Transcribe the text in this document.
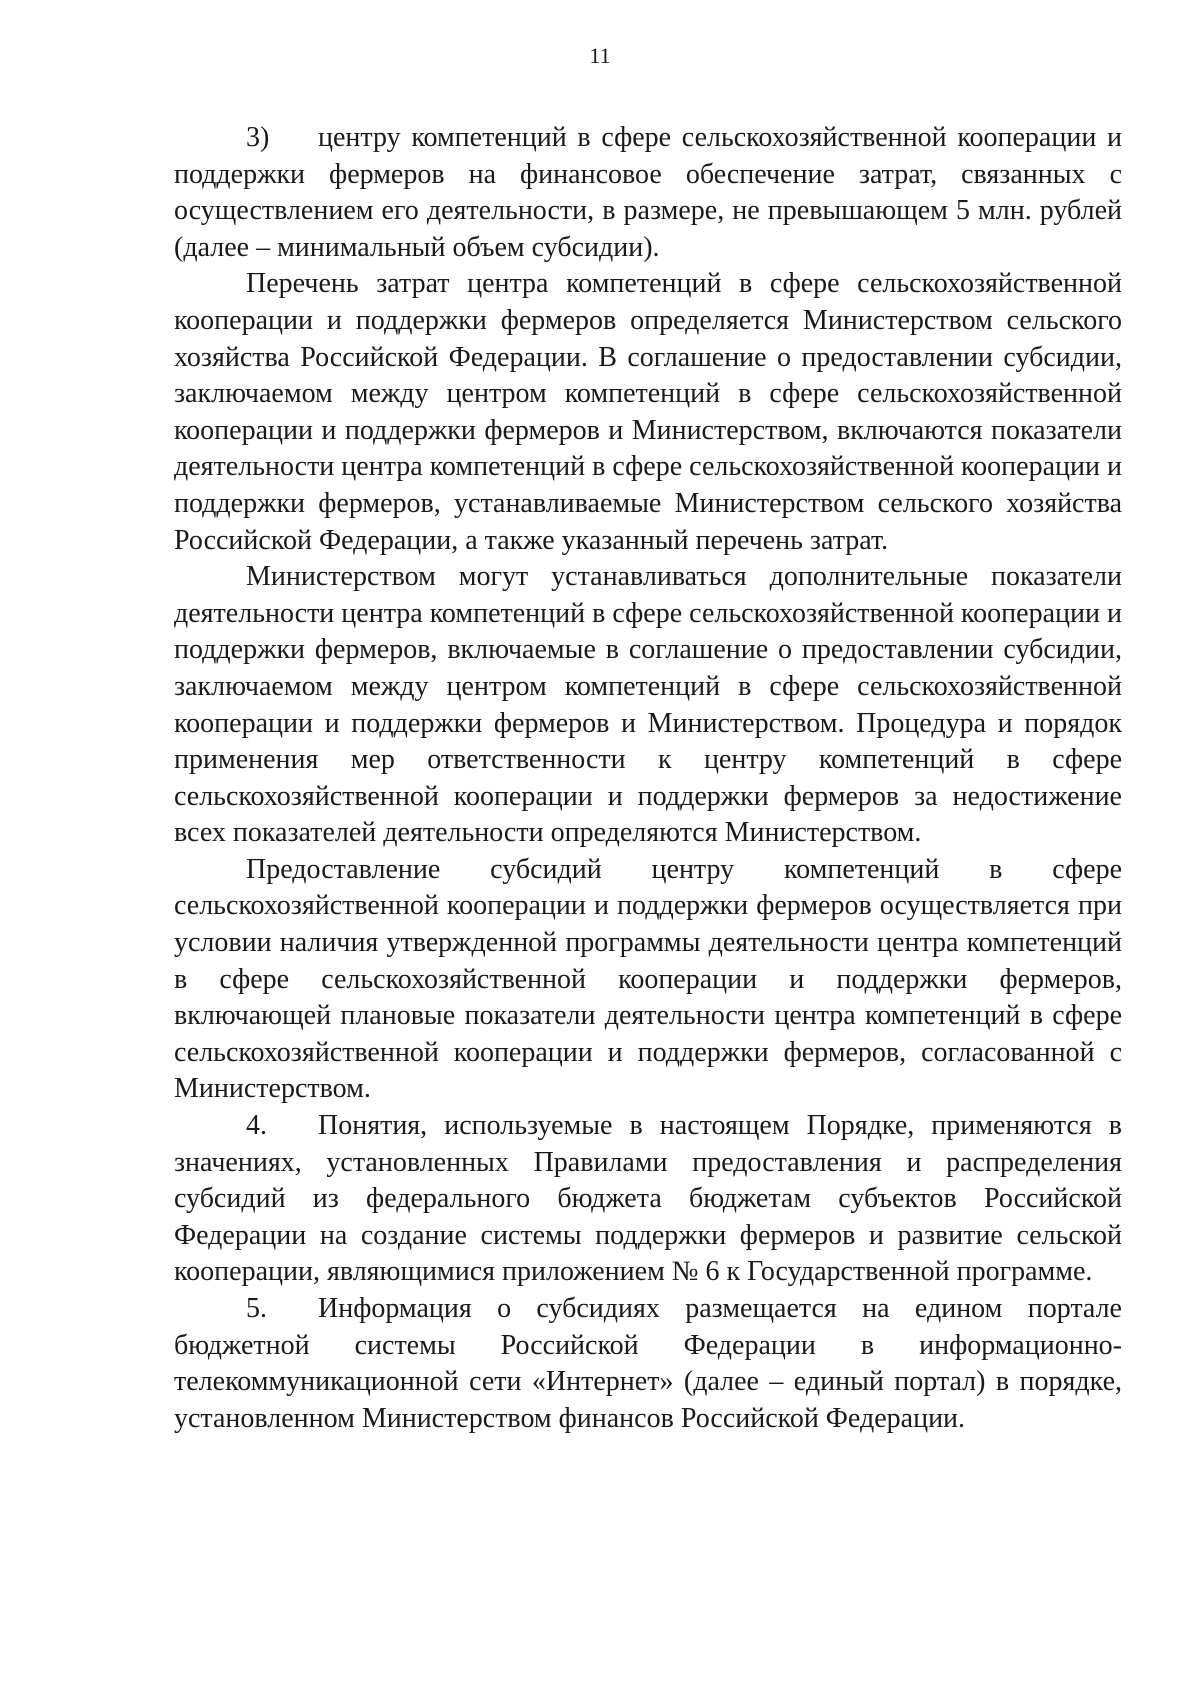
11

3) центру компетенций в сфере сельскохозяйственной кооперации и поддержки фермеров на финансовое обеспечение затрат, связанных с осуществлением его деятельности, в размере, не превышающем 5 млн. рублей (далее – минимальный объем субсидии).

Перечень затрат центра компетенций в сфере сельскохозяйственной кооперации и поддержки фермеров определяется Министерством сельского хозяйства Российской Федерации. В соглашение о предоставлении субсидии, заключаемом между центром компетенций в сфере сельскохозяйственной кооперации и поддержки фермеров и Министерством, включаются показатели деятельности центра компетенций в сфере сельскохозяйственной кооперации и поддержки фермеров, устанавливаемые Министерством сельского хозяйства Российской Федерации, а также указанный перечень затрат.

Министерством могут устанавливаться дополнительные показатели деятельности центра компетенций в сфере сельскохозяйственной кооперации и поддержки фермеров, включаемые в соглашение о предоставлении субсидии, заключаемом между центром компетенций в сфере сельскохозяйственной кооперации и поддержки фермеров и Министерством. Процедура и порядок применения мер ответственности к центру компетенций в сфере сельскохозяйственной кооперации и поддержки фермеров за недостижение всех показателей деятельности определяются Министерством.

Предоставление субсидий центру компетенций в сфере сельскохозяйственной кооперации и поддержки фермеров осуществляется при условии наличия утвержденной программы деятельности центра компетенций в сфере сельскохозяйственной кооперации и поддержки фермеров, включающей плановые показатели деятельности центра компетенций в сфере сельскохозяйственной кооперации и поддержки фермеров, согласованной с Министерством.

4. Понятия, используемые в настоящем Порядке, применяются в значениях, установленных Правилами предоставления и распределения субсидий из федерального бюджета бюджетам субъектов Российской Федерации на создание системы поддержки фермеров и развитие сельской кооперации, являющимися приложением № 6 к Государственной программе.

5. Информация о субсидиях размещается на едином портале бюджетной системы Российской Федерации в информационно-телекоммуникационной сети «Интернет» (далее – единый портал) в порядке, установленном Министерством финансов Российской Федерации.
